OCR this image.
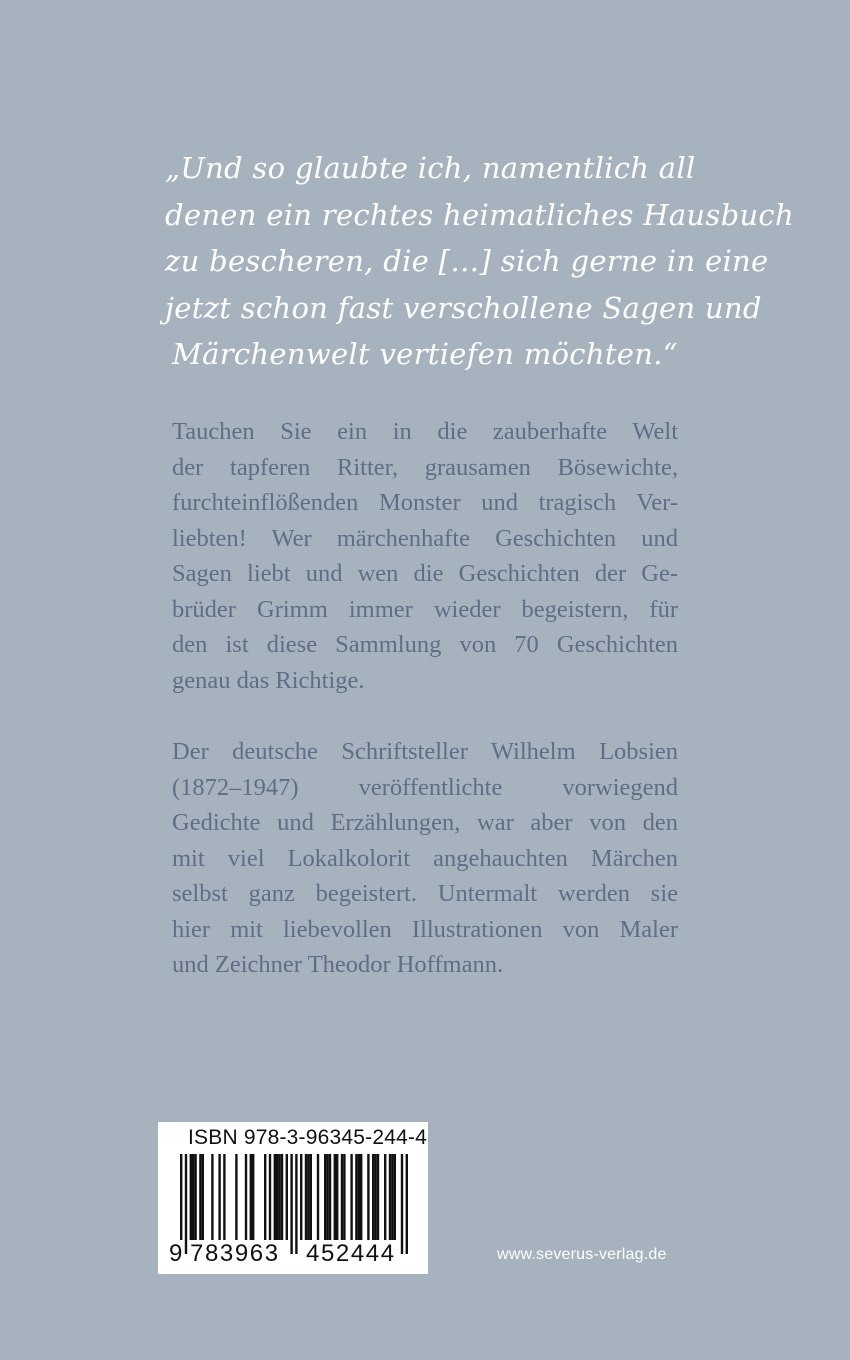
„Und so glaubte ich, namentlich all
denen ein rechtes heimatliches Hausbuch
zu bescheren, die […] sich gerne in eine
jetzt schon fast verschollene Sagen und
Märchenwelt vertiefen möchten.“
Tauchen Sie ein in die zauberhafte Welt
der tapferen Ritter, grausamen Bösewichte,
furchteinflößenden Monster und tragisch Ver-
liebten! Wer märchenhafte Geschichten und
Sagen liebt und wen die Geschichten der Ge-
brüder Grimm immer wieder begeistern, für
den ist diese Sammlung von 70 Geschichten
genau das Richtige.
Der deutsche Schriftsteller Wilhelm Lobsien
(1872–1947) veröffentlichte vorwiegend
Gedichte und Erzählungen, war aber von den
mit viel Lokalkolorit angehauchten Märchen
selbst ganz begeistert. Untermalt werden sie
hier mit liebevollen Illustrationen von Maler
und Zeichner Theodor Hoffmann.
ISBN 978-3-96345-244-4
9 783963 452444	www.severus-verlag.de
